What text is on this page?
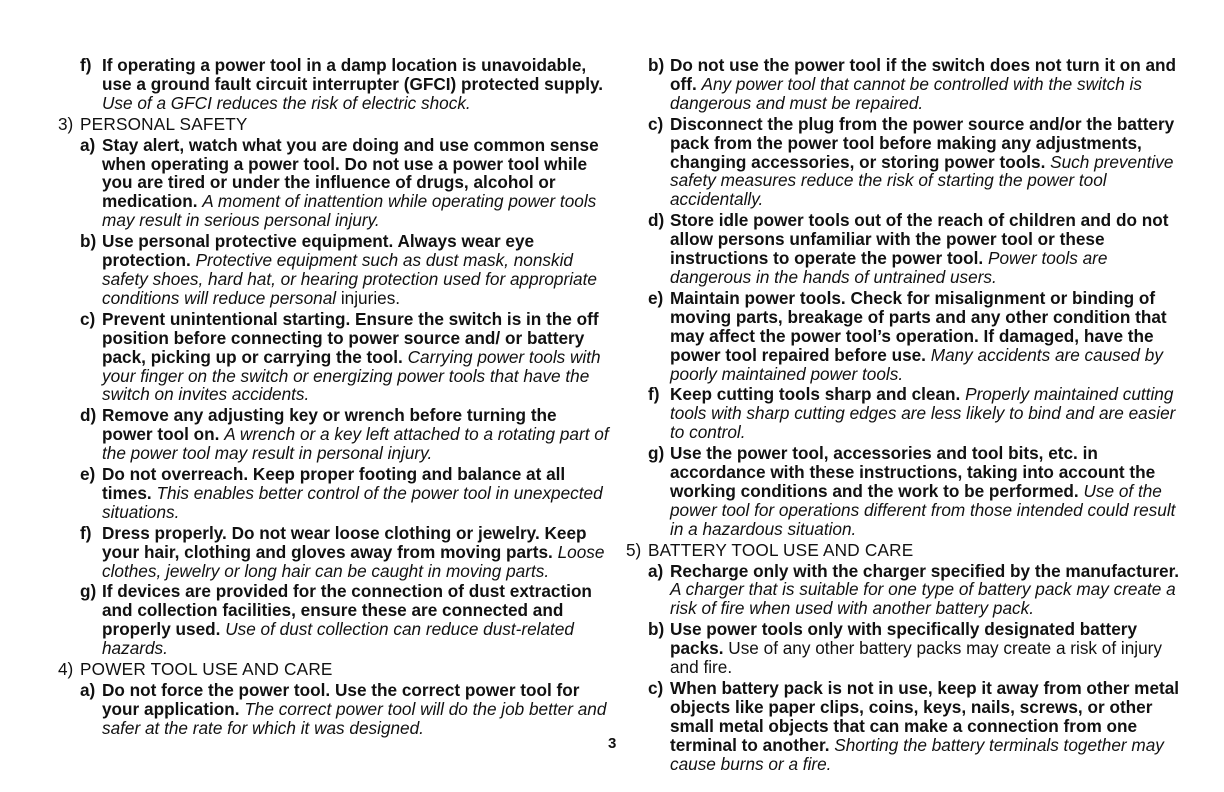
f) If operating a power tool in a damp location is unavoidable, use a ground fault circuit interrupter (GFCI) protected supply. Use of a GFCI reduces the risk of electric shock.
3) PERSONAL SAFETY
a) Stay alert, watch what you are doing and use common sense when operating a power tool. Do not use a power tool while you are tired or under the influence of drugs, alcohol or medication. A moment of inattention while operating power tools may result in serious personal injury.
b) Use personal protective equipment. Always wear eye protection. Protective equipment such as dust mask, nonskid safety shoes, hard hat, or hearing protection used for appropriate conditions will reduce personal injuries.
c) Prevent unintentional starting. Ensure the switch is in the off position before connecting to power source and/ or battery pack, picking up or carrying the tool. Carrying power tools with your finger on the switch or energizing power tools that have the switch on invites accidents.
d) Remove any adjusting key or wrench before turning the power tool on. A wrench or a key left attached to a rotating part of the power tool may result in personal injury.
e) Do not overreach. Keep proper footing and balance at all times. This enables better control of the power tool in unexpected situations.
f) Dress properly. Do not wear loose clothing or jewelry. Keep your hair, clothing and gloves away from moving parts. Loose clothes, jewelry or long hair can be caught in moving parts.
g) If devices are provided for the connection of dust extraction and collection facilities, ensure these are connected and properly used. Use of dust collection can reduce dust-related hazards.
4) POWER TOOL USE AND CARE
a) Do not force the power tool. Use the correct power tool for your application. The correct power tool will do the job better and safer at the rate for which it was designed.
b) Do not use the power tool if the switch does not turn it on and off. Any power tool that cannot be controlled with the switch is dangerous and must be repaired.
c) Disconnect the plug from the power source and/or the battery pack from the power tool before making any adjustments, changing accessories, or storing power tools. Such preventive safety measures reduce the risk of starting the power tool accidentally.
d) Store idle power tools out of the reach of children and do not allow persons unfamiliar with the power tool or these instructions to operate the power tool. Power tools are dangerous in the hands of untrained users.
e) Maintain power tools. Check for misalignment or binding of moving parts, breakage of parts and any other condition that may affect the power tool’s operation. If damaged, have the power tool repaired before use. Many accidents are caused by poorly maintained power tools.
f) Keep cutting tools sharp and clean. Properly maintained cutting tools with sharp cutting edges are less likely to bind and are easier to control.
g) Use the power tool, accessories and tool bits, etc. in accordance with these instructions, taking into account the working conditions and the work to be performed. Use of the power tool for operations different from those intended could result in a hazardous situation.
5) BATTERY TOOL USE AND CARE
a) Recharge only with the charger specified by the manufacturer. A charger that is suitable for one type of battery pack may create a risk of fire when used with another battery pack.
b) Use power tools only with specifically designated battery packs. Use of any other battery packs may create a risk of injury and fire.
c) When battery pack is not in use, keep it away from other metal objects like paper clips, coins, keys, nails, screws, or other small metal objects that can make a connection from one terminal to another. Shorting the battery terminals together may cause burns or a fire.
3
